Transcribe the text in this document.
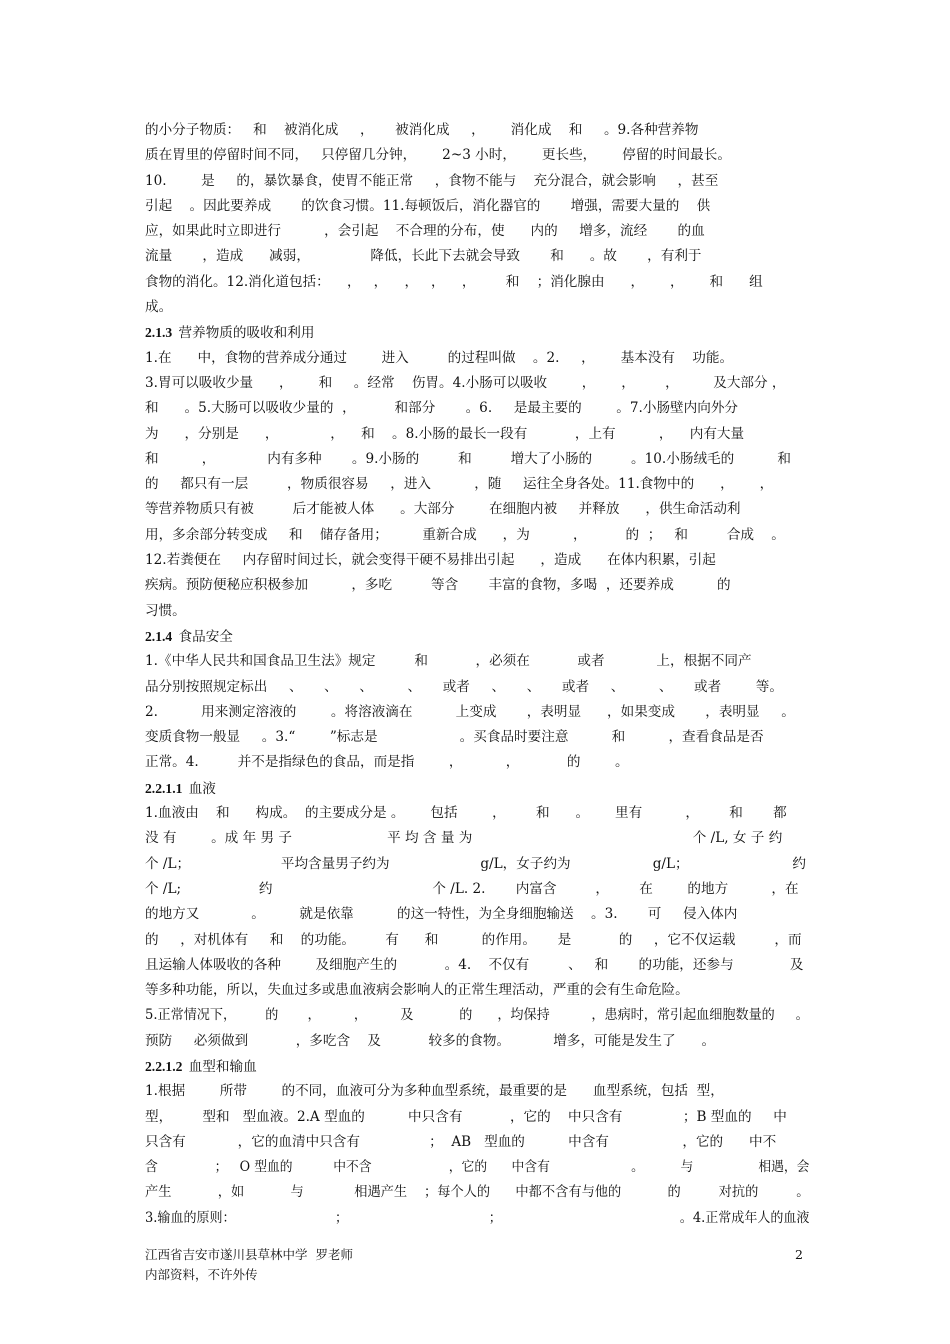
的小分子物质：   和    被消化成     ，     被消化成     ，      消化成    和     。9.各种营养物
质在胃里的停留时间不同，   只停留几分钟，      2~3 小时，      更长些，      停留的时间最长。
10.        是     的，暴饮暴食，使胃不能正常     ，食物不能与    充分混合，就会影响     ，甚至
引起    。因此要养成       的饮食习惯。11.每顿饭后，消化器官的       增强，需要大量的    供
应，如果此时立即进行          ，会引起    不合理的分布，使      内的     增多，流经       的血
流量       ，造成      减弱，              降低，长此下去就会导致       和      。故       ，有利于
食物的消化。12.消化道包括：    ，   ，    ，   ，    ，       和    ；消化腺由      ，      ，      和      组
成。
2.1.3 营养物质的吸收和利用
1.在      中，食物的营养成分通过        进入         的过程叫做    。2.     ，      基本没有    功能。
3.胃可以吸收少量      ，      和     。经常    伤胃。4.小肠可以吸收        ，      ，       ，        及大部分 ，
和      。5.大肠可以吸收少量的  ，         和部分       。6.     是最主要的        。7.小肠壁内向外分
为      ，分别是      ，            ，    和    。8.小肠的最长一段有           ，上有          ，    内有大量
和          ，            内有多种       。9.小肠的         和         增大了小肠的         。10.小肠绒毛的          和
的     都只有一层         ，物质很容易     ，进入          ，随     运往全身各处。11.食物中的      ，      ，
等营养物质只有被         后才能被人体      。大部分        在细胞内被     并释放      ，供生命活动利
用，多余部分转变成     和    储存备用；        重新合成      ，为          ，         的  ；   和         合成    。
12.若粪便在     内存留时间过长，就会变得干硬不易排出引起      ，造成      在体内积累，引起
疾病。预防便秘应积极参加          ，多吃         等含       丰富的食物，多喝  ，还要养成          的
习惯。
2.1.4 食品安全
1.《中华人民共和国食品卫生法》规定         和           ，必须在           或者            上，根据不同产
品分别按照规定标出     、     、     、        、     或者     、     、     或者     、        、     或者        等。
2.          用来测定溶液的        。将溶液滴在          上变成       ，表明显      ，如果变成       ，表明显     。
变质食物一般显     。3.“        ”标志是                   。买食品时要注意          和          ，查看食品是否
正常。4.         并不是指绿色的食品，而是指        ，          ，           的        。
2.2.1.1 血液
1.血液由    和      构成。  的主要成分是 。      包括        ，       和      。      里有          ，       和       都
没 有        。成 年 男 子                      平 均 含 量 为                                                   个 /L, 女 子 约
个 /L；                     平均含量男子约为                     g/L，女子约为                   g/L；                        约
个 /L;                  约                                     个 /L. 2.       内富含         ，       在        的地方          ，在
的地方又            。        就是依靠          的这一特性，为全身细胞输送    。3.       可     侵入体内
的     ，对机体有     和    的功能。       有      和          的作用。     是           的     ，它不仅运载         ，而
且运输人体吸收的各种        及细胞产生的           。4.    不仅有         、   和       的功能，还参与             及
等多种功能，所以，失血过多或患血液病会影响人的正常生理活动，严重的会有生命危险。
5.正常情况下，       的       ，        ，        及           的      ，均保持          ，患病时，常引起血细胞数量的     。
预防     必须做到           ，多吃含    及           较多的食物。          增多，可能是发生了      。
2.2.1.2 血型和输血
1.根据        所带        的不同，血液可分为多种血型系统，最重要的是      血型系统，包括  型，
型，       型和   型血液。2.A 型血的          中只含有           ，它的    中只含有              ；B 型血的     中
只含有            ，它的血清中只含有                ；  AB   型血的          中含有                 ，它的      中不
含              ；   O 型血的          中不含                   ，它的      中含有                    。         与                相遇，会
产生           ，如           与            相遇产生    ；每个人的      中都不含有与他的           的         对抗的         。
3.输血的原则：                        ；                                  ；                                           。4.正常成年人的血液
江西省吉安市遂川县草林中学  罗老师
内部资料，不许外传
2
